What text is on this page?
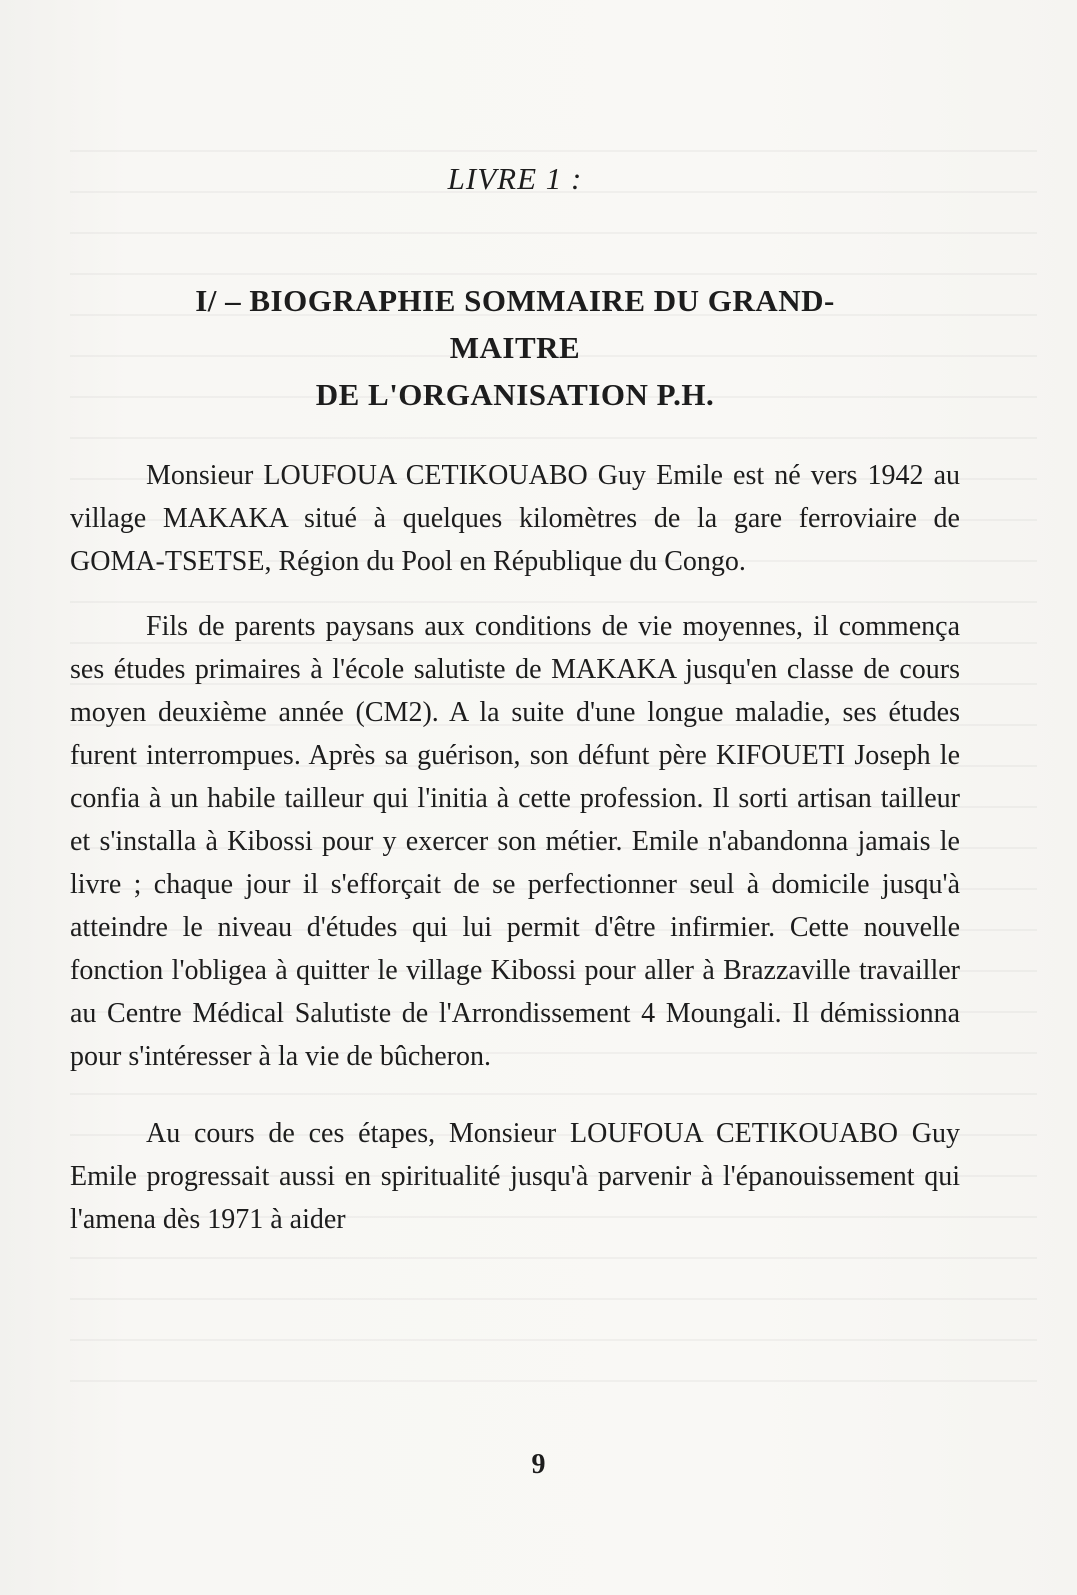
LIVRE 1 :
I/ – BIOGRAPHIE SOMMAIRE DU GRAND-
MAITRE
DE L'ORGANISATION P.H.

Monsieur LOUFOUA CETIKOUABO Guy Emile est né vers 1942 au village MAKAKA situé à quelques kilomètres de la gare ferroviaire de GOMA-TSETSE, Région du Pool en République du Congo.

Fils de parents paysans aux conditions de vie moyennes, il commença ses études primaires à l'école salutiste de MAKAKA jusqu'en classe de cours moyen deuxième année (CM2). A la suite d'une longue maladie, ses études furent interrompues. Après sa guérison, son défunt père KIFOUETI Joseph le confia à un habile tailleur qui l'initia à cette profession. Il sorti artisan tailleur et s'installa à Kibossi pour y exercer son métier. Emile n'abandonna jamais le livre ; chaque jour il s'efforçait de se perfectionner seul à domicile jusqu'à atteindre le niveau d'études qui lui permit d'être infirmier. Cette nouvelle fonction l'obligea à quitter le village Kibossi pour aller à Brazzaville travailler au Centre Médical Salutiste de l'Arrondissement 4 Moungali. Il démissionna pour s'intéresser à la vie de bûcheron.

Au cours de ces étapes, Monsieur LOUFOUA CETIKOUABO Guy Emile progressait aussi en spiritualité jusqu'à parvenir à l'épanouissement qui l'amena dès 1971 à aider

9
